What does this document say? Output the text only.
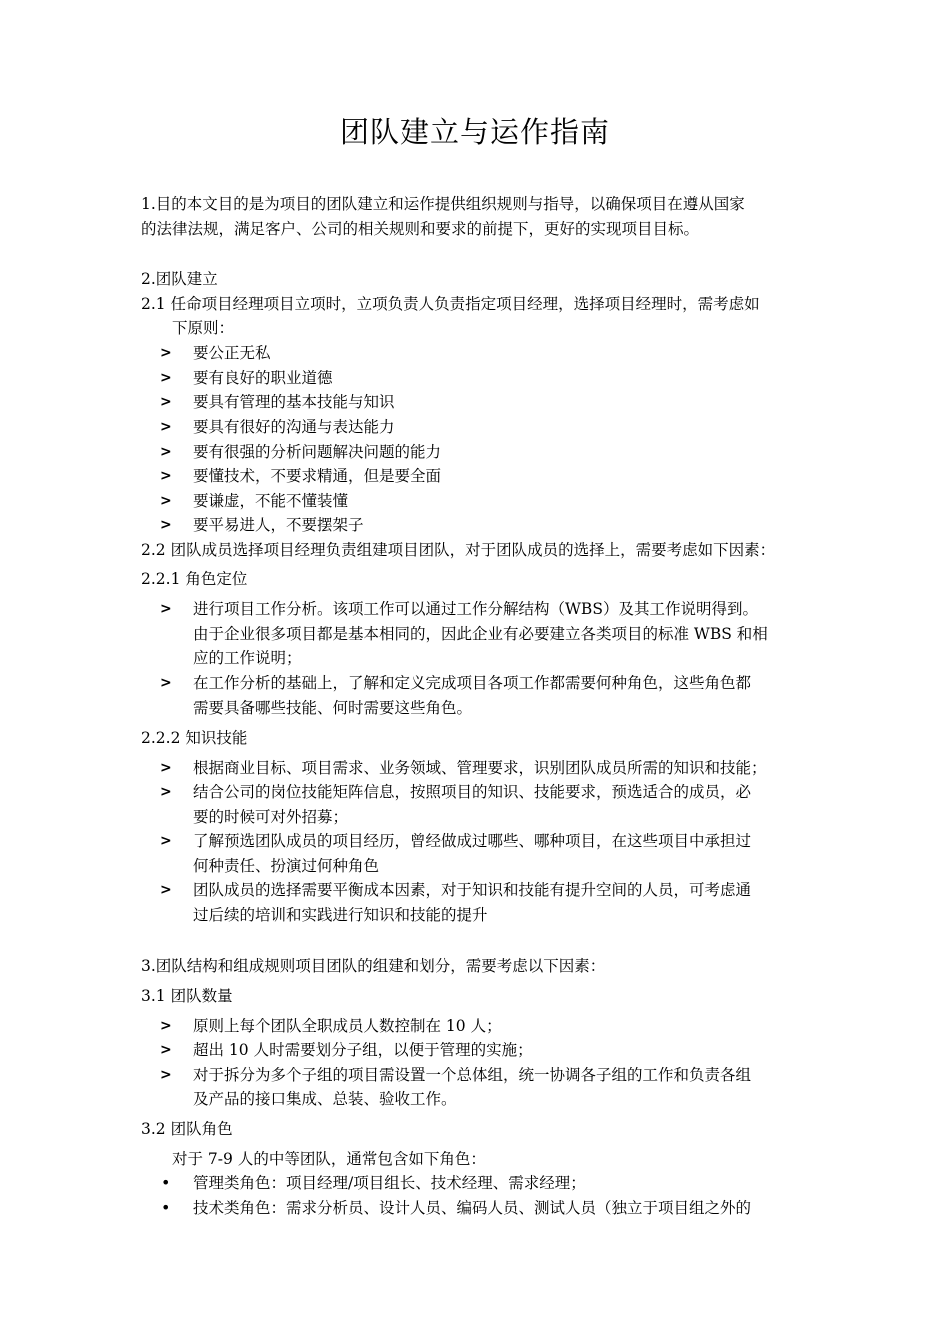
团队建立与运作指南
1.目的本文目的是为项目的团队建立和运作提供组织规则与指导，以确保项目在遵从国家
的法律法规，满足客户、公司的相关规则和要求的前提下，更好的实现项目目标。
2.团队建立
2.1 任命项目经理项目立项时，立项负责人负责指定项目经理，选择项目经理时，需考虑如
下原则：
> 要公正无私
> 要有良好的职业道德
> 要具有管理的基本技能与知识
> 要具有很好的沟通与表达能力
> 要有很强的分析问题解决问题的能力
> 要懂技术，不要求精通，但是要全面
> 要谦虚，不能不懂装懂
> 要平易进人，不要摆架子
2.2 团队成员选择项目经理负责组建项目团队，对于团队成员的选择上，需要考虑如下因素：
2.2.1 角色定位
> 进行项目工作分析。该项工作可以通过工作分解结构（WBS）及其工作说明得到。
由于企业很多项目都是基本相同的，因此企业有必要建立各类项目的标准 WBS 和相
应的工作说明；
> 在工作分析的基础上，了解和定义完成项目各项工作都需要何种角色，这些角色都
需要具备哪些技能、何时需要这些角色。
2.2.2 知识技能
> 根据商业目标、项目需求、业务领域、管理要求，识别团队成员所需的知识和技能；
> 结合公司的岗位技能矩阵信息，按照项目的知识、技能要求，预选适合的成员，必
要的时候可对外招募；
> 了解预选团队成员的项目经历，曾经做成过哪些、哪种项目，在这些项目中承担过
何种责任、扮演过何种角色
> 团队成员的选择需要平衡成本因素，对于知识和技能有提升空间的人员，可考虑通
过后续的培训和实践进行知识和技能的提升
3.团队结构和组成规则项目团队的组建和划分，需要考虑以下因素：
3.1 团队数量
> 原则上每个团队全职成员人数控制在 10 人；
> 超出 10 人时需要划分子组，以便于管理的实施；
> 对于拆分为多个子组的项目需设置一个总体组，统一协调各子组的工作和负责各组
及产品的接口集成、总装、验收工作。
3.2 团队角色
对于 7-9 人的中等团队，通常包含如下角色：
• 管理类角色：项目经理/项目组长、技术经理、需求经理；
• 技术类角色：需求分析员、设计人员、编码人员、测试人员（独立于项目组之外的
